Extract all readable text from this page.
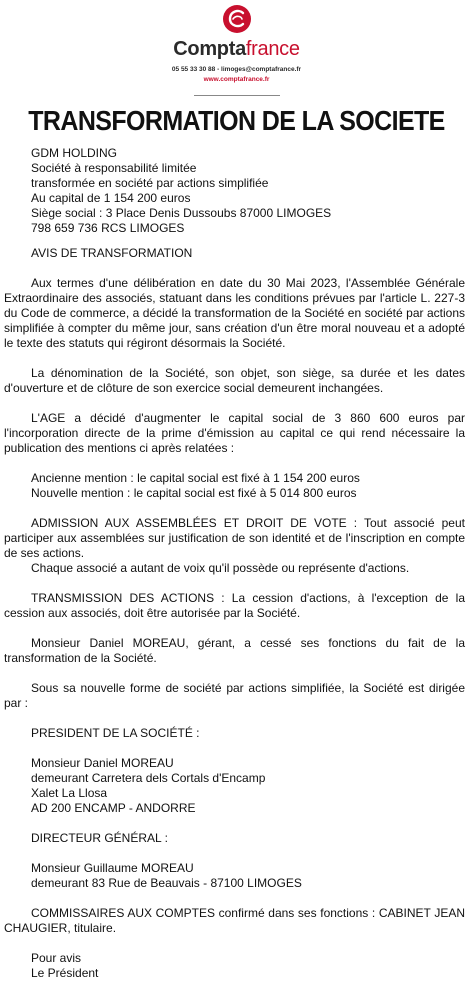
Comptafrance
05 55 33 30 88 - limoges@comptafrance.fr
www.comptafrance.fr
TRANSFORMATION DE LA SOCIETE

GDM HOLDING

Société à responsabilité limitée

transformée en société par actions simplifiée

Au capital de 1 154 200 euros

Siège social : 3 Place Denis Dussoubs 87000 LIMOGES

798 659 736 RCS LIMOGES

AVIS DE TRANSFORMATION

Aux termes d'une délibération en date du 30 Mai 2023, l'Assemblée Générale Extraordinaire des associés, statuant dans les conditions prévues par l'article L. 227-3 du Code de commerce, a décidé la transformation de la Société en société par actions simplifiée à compter du même jour, sans création d'un être moral nouveau et a adopté le texte des statuts qui régiront désormais la Société.

La dénomination de la Société, son objet, son siège, sa durée et les dates d'ouverture et de clôture de son exercice social demeurent inchangées.

L'AGE a décidé d'augmenter le capital social de 3 860 600 euros par l'incorporation directe de la prime d'émission au capital ce qui rend nécessaire la publication des mentions ci après relatées :

Ancienne mention : le capital social est fixé à 1 154 200 euros

Nouvelle mention : le capital social est fixé à 5 014 800 euros

ADMISSION AUX ASSEMBLÉES ET DROIT DE VOTE : Tout associé peut participer aux assemblées sur justification de son identité et de l'inscription en compte de ses actions.

Chaque associé a autant de voix qu'il possède ou représente d'actions.

TRANSMISSION DES ACTIONS : La cession d'actions, à l'exception de la cession aux associés, doit être autorisée par la Société.

Monsieur Daniel MOREAU, gérant, a cessé ses fonctions du fait de la transformation de la Société.

Sous sa nouvelle forme de société par actions simplifiée, la Société est dirigée par :

PRESIDENT DE LA SOCIÉTÉ :

Monsieur Daniel MOREAU

demeurant Carretera dels Cortals d'Encamp

Xalet La Llosa

AD 200 ENCAMP - ANDORRE

DIRECTEUR GÉNÉRAL :

Monsieur Guillaume MOREAU

demeurant 83 Rue de Beauvais - 87100 LIMOGES

COMMISSAIRES AUX COMPTES confirmé dans ses fonctions : CABINET JEAN CHAUGIER, titulaire.

Pour avis

Le Président
